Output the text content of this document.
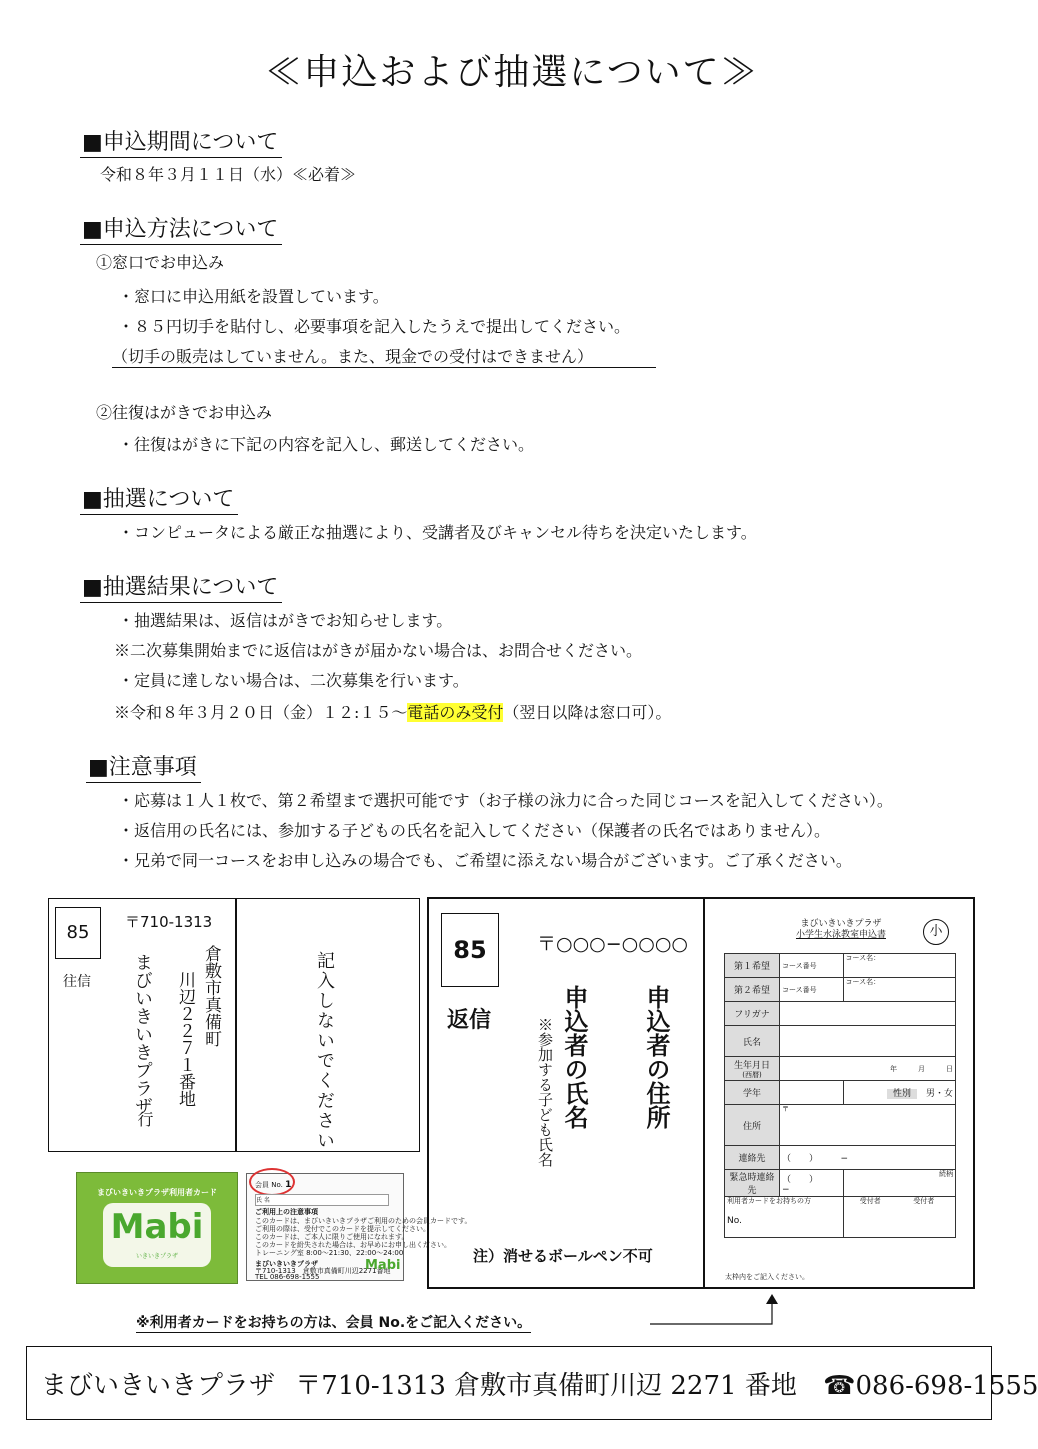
≪申込および抽選について≫
■申込期間について
令和８年３月１１日（水）≪必着≫
■申込方法について
①窓口でお申込み
・窓口に申込用紙を設置しています。
・８５円切手を貼付し、必要事項を記入したうえで提出してください。
（切手の販売はしていません。また、現金での受付はできません）
②往復はがきでお申込み
・往復はがきに下記の内容を記入し、郵送してください。
■抽選について
・コンピュータによる厳正な抽選により、受講者及びキャンセル待ちを決定いたします。
■抽選結果について
・抽選結果は、返信はがきでお知らせします。
※二次募集開始までに返信はがきが届かない場合は、お問合せください。
・定員に達しない場合は、二次募集を行います。
※令和８年３月２０日（金）１２:１５～電話のみ受付（翌日以降は窓口可）。
■注意事項
・応募は１人１枚で、第２希望まで選択可能です（お子様の泳力に合った同じコースを記入してください）。
・返信用の氏名には、参加する子どもの氏名を記入してください（保護者の氏名ではありません）。
・兄弟で同一コースをお申し込みの場合でも、ご希望に添えない場合がございます。ご了承ください。
85
往信
〒710-1313
倉敷市真備町
川辺２２７１番地
まびいきいきプラザ
行	記入しないでください
まびいきいきプラザ利用者カード
Mabi
いきいきプラザ
会員 No. 1
氏 名
ご利用上の注意事項
このカードは、まびいきいきプラザご利用のための会員カードです。
ご利用の際は、受付でこのカードを提示してください。
このカードは、ご本人に限りご使用になれます。
このカードを紛失された場合は、お早めにお申し出ください。
トレーニング室 8:00～21:30、22:00～24:00
まびいきいきプラザ
〒710-1313　倉敷市真備町川辺2271番地
TEL 086-698-1555
Mabi
85
返信
〒○○○−○○○○
申込者の住所
申込者の氏名
※参加する子ども氏名
注）消せるボールペン不可
まびいきいきプラザ
小学生水泳教室申込書	小
第１希望	コース番号	コース名：
第２希望	コース番号	コース名：
フリガナ		
氏名		

生年月日
(西暦)	年　　　 月　　　 日	
学年		性別　 男・女
住所	〒	
連絡先	（　　）　　　−	
緊急時連絡先	（　　）　　　−	続柄

利用者カードをお持ちの方
No.		受付者 受付者
太枠内をご記入ください。
※利用者カードをお持ちの方は、会員 No.をご記入ください。
まびいきいきプラザ 〒710-1313 倉敷市真備町川辺 2271 番地 ☎086-698-1555
